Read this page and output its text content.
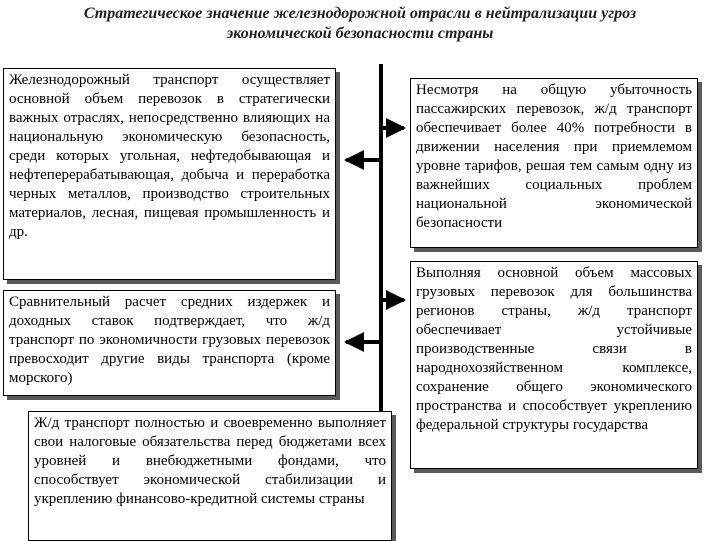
Стратегическое значение железнодорожной отрасли в нейтрализации угроз
экономической безопасности страны
Железнодорожный транспорт осуществляет основной объем перевозок в стратегически важных отраслях, непосредственно влияющих на национальную экономическую безопасность, среди которых угольная, нефтедобывающая и нефтеперерабатывающая, добыча и переработка черных металлов, производство строительных материалов, лесная, пищевая промышленность и др.
Сравнительный расчет средних издержек и доходных ставок подтверждает, что ж/д транспорт по экономичности грузовых перевозок превосходит другие виды транспорта (кроме морского)
Ж/д транспорт полностью и своевременно выполняет свои налоговые обязательства перед бюджетами всех уровней и внебюджетными фондами, что способствует экономической стабилизации и укреплению финансово-кредитной системы страны
Несмотря на общую убыточность пассажирских перевозок, ж/д транспорт обеспечивает более 40% потребности в движении населения при приемлемом уровне тарифов, решая тем самым одну из важнейших социальных проблем национальной экономической безопасности
Выполняя основной объем массовых грузовых перевозок для большинства регионов страны, ж/д транспорт обеспечивает устойчивые производственные связи в народнохозяйственном комплексе, сохранение общего экономического пространства и способствует укреплению федеральной структуры государства
